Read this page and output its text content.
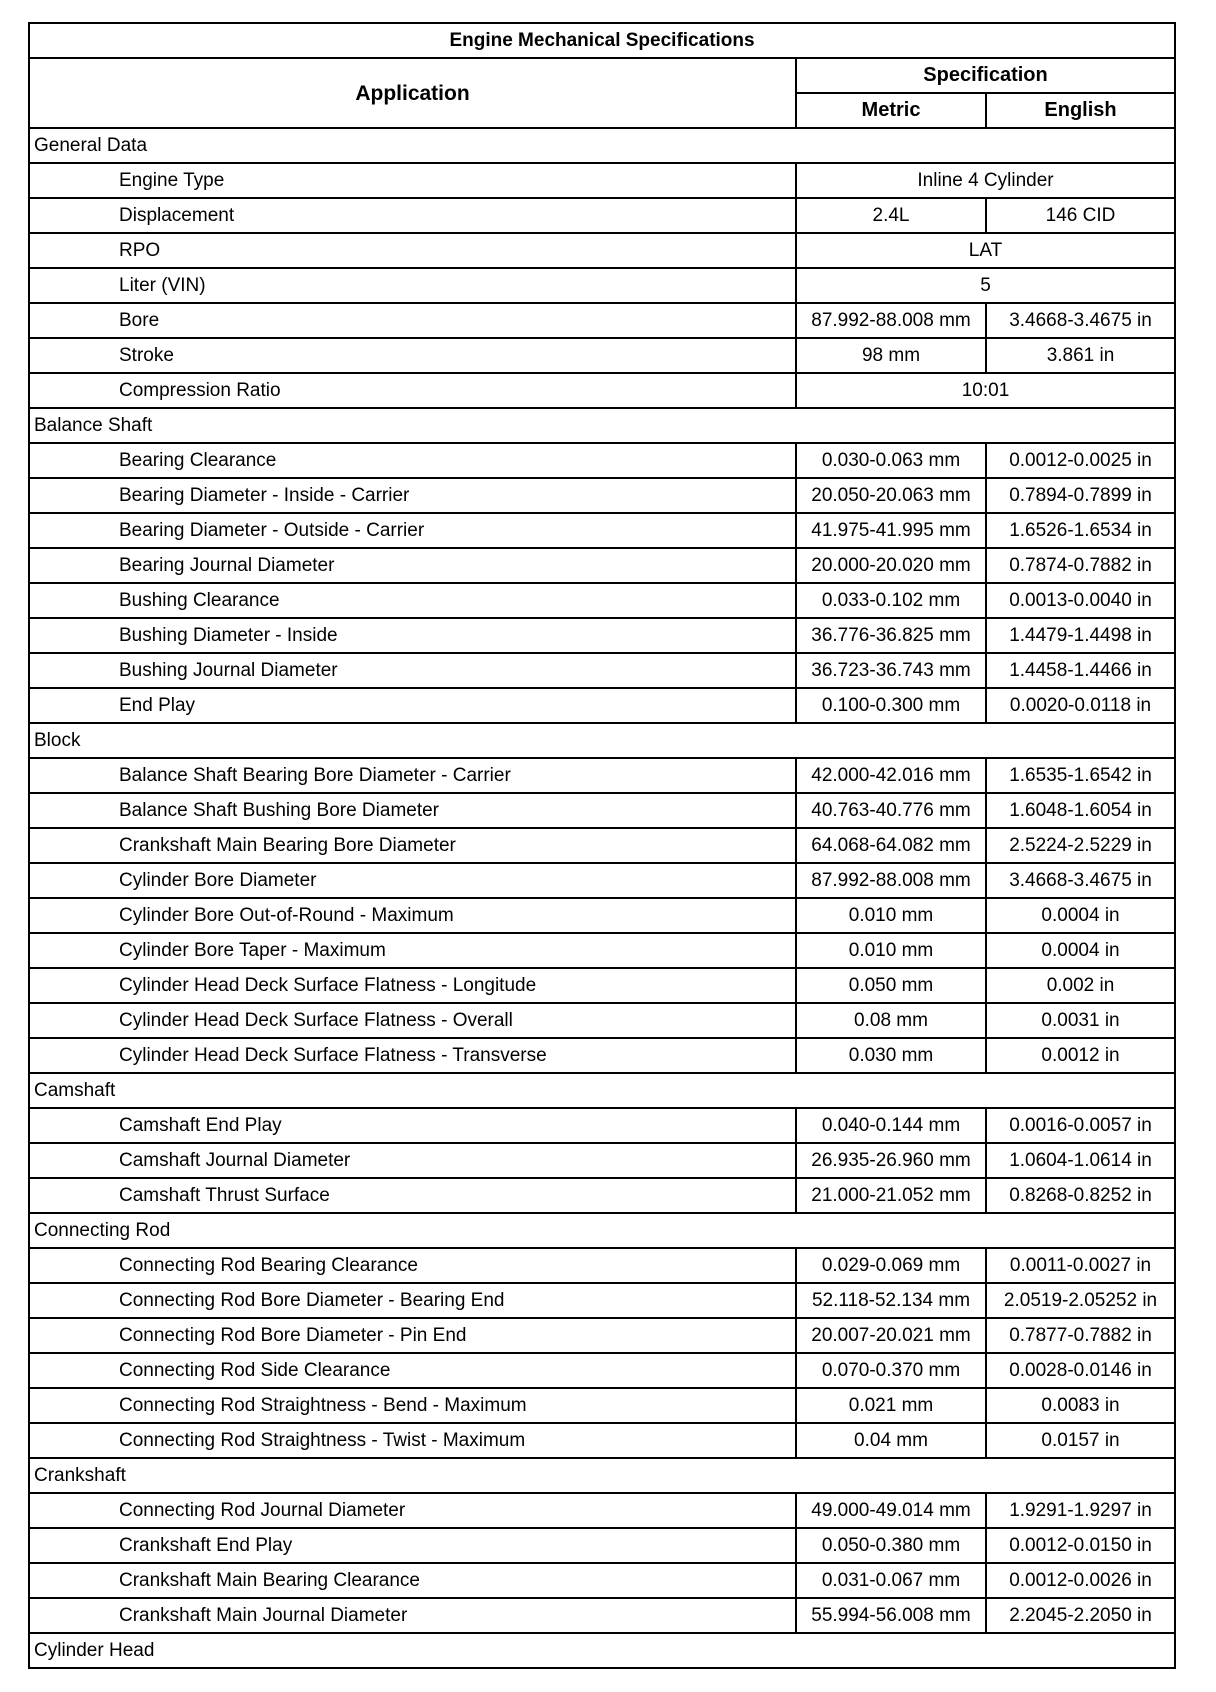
Engine Mechanical Specifications		
Application	Specification	
	Metric	English
General Data		
Engine Type	Inline 4 Cylinder	
Displacement	2.4L	146 CID
RPO	LAT	
Liter (VIN)	5	
Bore	87.992-88.008 mm	3.4668-3.4675 in
Stroke	98 mm	3.861 in
Compression Ratio	10:01	
Balance Shaft		
Bearing Clearance	0.030-0.063 mm	0.0012-0.0025 in
Bearing Diameter - Inside - Carrier	20.050-20.063 mm	0.7894-0.7899 in
Bearing Diameter - Outside - Carrier	41.975-41.995 mm	1.6526-1.6534 in
Bearing Journal Diameter	20.000-20.020 mm	0.7874-0.7882 in
Bushing Clearance	0.033-0.102 mm	0.0013-0.0040 in
Bushing Diameter - Inside	36.776-36.825 mm	1.4479-1.4498 in
Bushing Journal Diameter	36.723-36.743 mm	1.4458-1.4466 in
End Play	0.100-0.300 mm	0.0020-0.0118 in
Block		
Balance Shaft Bearing Bore Diameter - Carrier	42.000-42.016 mm	1.6535-1.6542 in
Balance Shaft Bushing Bore Diameter	40.763-40.776 mm	1.6048-1.6054 in
Crankshaft Main Bearing Bore Diameter	64.068-64.082 mm	2.5224-2.5229 in
Cylinder Bore Diameter	87.992-88.008 mm	3.4668-3.4675 in
Cylinder Bore Out-of-Round - Maximum	0.010 mm	0.0004 in
Cylinder Bore Taper - Maximum	0.010 mm	0.0004 in
Cylinder Head Deck Surface Flatness - Longitude	0.050 mm	0.002 in
Cylinder Head Deck Surface Flatness - Overall	0.08 mm	0.0031 in
Cylinder Head Deck Surface Flatness - Transverse	0.030 mm	0.0012 in
Camshaft		
Camshaft End Play	0.040-0.144 mm	0.0016-0.0057 in
Camshaft Journal Diameter	26.935-26.960 mm	1.0604-1.0614 in
Camshaft Thrust Surface	21.000-21.052 mm	0.8268-0.8252 in
Connecting Rod		
Connecting Rod Bearing Clearance	0.029-0.069 mm	0.0011-0.0027 in
Connecting Rod Bore Diameter - Bearing End	52.118-52.134 mm	2.0519-2.05252 in
Connecting Rod Bore Diameter - Pin End	20.007-20.021 mm	0.7877-0.7882 in
Connecting Rod Side Clearance	0.070-0.370 mm	0.0028-0.0146 in
Connecting Rod Straightness - Bend - Maximum	0.021 mm	0.0083 in
Connecting Rod Straightness - Twist - Maximum	0.04 mm	0.0157 in
Crankshaft		
Connecting Rod Journal Diameter	49.000-49.014 mm	1.9291-1.9297 in
Crankshaft End Play	0.050-0.380 mm	0.0012-0.0150 in
Crankshaft Main Bearing Clearance	0.031-0.067 mm	0.0012-0.0026 in
Crankshaft Main Journal Diameter	55.994-56.008 mm	2.2045-2.2050 in
Cylinder Head		
